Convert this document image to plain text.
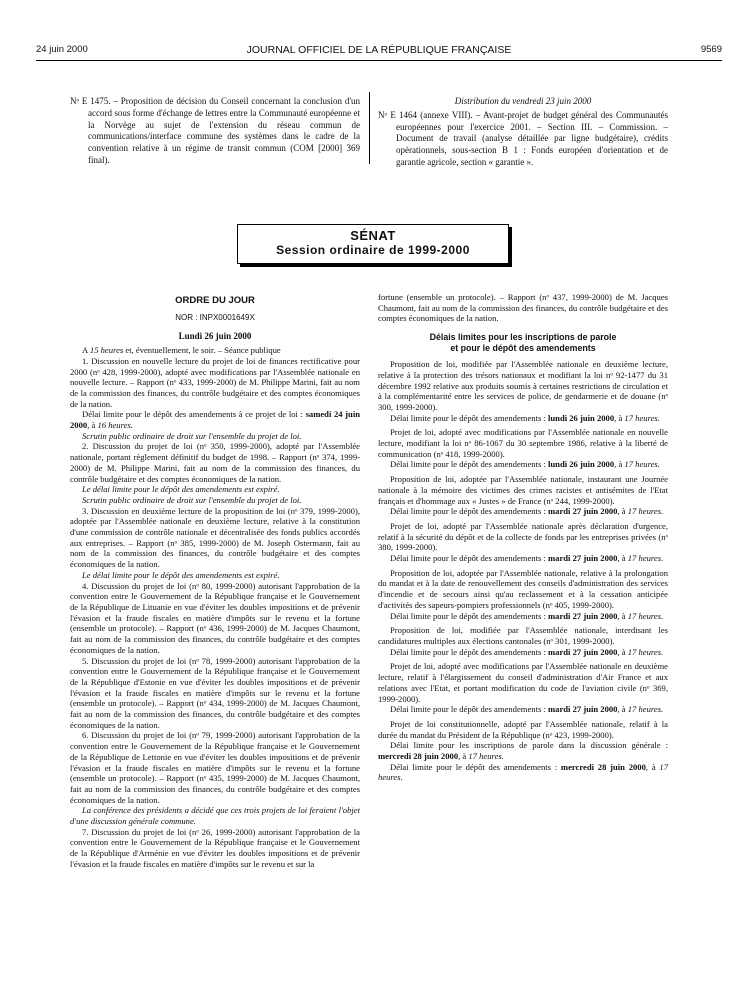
24 juin 2000	JOURNAL OFFICIEL DE LA RÉPUBLIQUE FRANÇAISE	9569

Nᵒ E 1475. – Proposition de décision du Conseil concernant la conclusion d'un accord sous forme d'échange de lettres entre la Communauté européenne et la Norvège au sujet de l'extension du réseau commun de communications/interface commune des systèmes dans le cadre de la convention relative à un régime de transit commun (COM [2000] 369 final).

Distribution du vendredi 23 juin 2000

Nᵒ E 1464 (annexe VIII). – Avant-projet de budget général des Communautés européennes pour l'exercice 2001. – Section III. – Commission. – Document de travail (analyse détaillée par ligne budgétaire), crédits opérationnels, sous-section B 1 : Fonds européen d'orientation et de garantie agricole, section « garantie ».

SÉNAT
Session ordinaire de 1999-2000

ORDRE DU JOUR

NOR : INPX0001649X

Lundi 26 juin 2000

A 15 heures et, éventuellement, le soir. – Séance publique

1. Discussion en nouvelle lecture du projet de loi de finances rectificative pour 2000 (nᵒ 428, 1999-2000), adopté avec modifications par l'Assemblée nationale en nouvelle lecture. – Rapport (nᵒ 433, 1999-2000) de M. Philippe Marini, fait au nom de la commission des finances, du contrôle budgétaire et des comptes économiques de la nation.

Délai limite pour le dépôt des amendements à ce projet de loi : samedi 24 juin 2000, à 16 heures.

Scrutin public ordinaire de droit sur l'ensemble du projet de loi.

2. Discussion du projet de loi (nᵒ 350, 1999-2000), adopté par l'Assemblée nationale, portant règlement définitif du budget de 1998. – Rapport (nᵒ 374, 1999-2000) de M. Philippe Marini, fait au nom de la commission des finances, du contrôle budgétaire et des comptes économiques de la nation.

Le délai limite pour le dépôt des amendements est expiré.

Scrutin public ordinaire de droit sur l'ensemble du projet de loi.

3. Discussion en deuxième lecture de la proposition de loi (nᵒ 379, 1999-2000), adoptée par l'Assemblée nationale en deuxième lecture, relative à la constitution d'une commission de contrôle nationale et décentralisée des fonds publics accordés aux entreprises. – Rapport (nᵒ 385, 1999-2000) de M. Joseph Ostermann, fait au nom de la commission des finances, du contrôle budgétaire et des comptes économiques de la nation.

Le délai limite pour le dépôt des amendements est expiré.

4. Discussion du projet de loi (nᵒ 80, 1999-2000) autorisant l'approbation de la convention entre le Gouvernement de la République française et le Gouvernement de la République de Lituanie en vue d'éviter les doubles impositions et de prévenir l'évasion et la fraude fiscales en matière d'impôts sur le revenu et la fortune (ensemble un protocole). – Rapport (nᵒ 436, 1999-2000) de M. Jacques Chaumont, fait au nom de la commission des finances, du contrôle budgétaire et des comptes économiques de la nation.

5. Discussion du projet de loi (nᵒ 78, 1999-2000) autorisant l'approbation de la convention entre le Gouvernement de la République française et le Gouvernement de la République d'Estonie en vue d'éviter les doubles impositions et de prévenir l'évasion et la fraude fiscales en matière d'impôts sur le revenu et la fortune (ensemble un protocole). – Rapport (nᵒ 434, 1999-2000) de M. Jacques Chaumont, fait au nom de la commission des finances, du contrôle budgétaire et des comptes économiques de la nation.

6. Discussion du projet de loi (nᵒ 79, 1999-2000) autorisant l'approbation de la convention entre le Gouvernement de la République française et le Gouvernement de la République de Lettonie en vue d'éviter les doubles impositions et de prévenir l'évasion et la fraude fiscales en matière d'impôts sur le revenu et la fortune (ensemble un protocole). – Rapport (nᵒ 435, 1999-2000) de M. Jacques Chaumont, fait au nom de la commission des finances, du contrôle budgétaire et des comptes économiques de la nation.

La conférence des présidents a décidé que ces trois projets de loi feraient l'objet d'une discussion générale commune.

7. Discussion du projet de loi (nᵒ 26, 1999-2000) autorisant l'approbation de la convention entre le Gouvernement de la République française et le Gouvernement de la République d'Arménie en vue d'éviter les doubles impositions et de prévenir l'évasion et la fraude fiscales en matière d'impôts sur le revenu et sur la

fortune (ensemble un protocole). – Rapport (nᵒ 437, 1999-2000) de M. Jacques Chaumont, fait au nom de la commission des finances, du contrôle budgétaire et des comptes économiques de la nation.

Délais limites pour les inscriptions de parole
et pour le dépôt des amendements

Proposition de loi, modifiée par l'Assemblée nationale en deuxième lecture, relative à la protection des trésors nationaux et modifiant la loi nᵒ 92-1477 du 31 décembre 1992 relative aux produits soumis à certaines restrictions de circulation et à la complémentarité entre les services de police, de gendarmerie et de douane (nᵒ 300, 1999-2000).

Délai limite pour le dépôt des amendements : lundi 26 juin 2000, à 17 heures.

Projet de loi, adopté avec modifications par l'Assemblée nationale en nouvelle lecture, modifiant la loi nᵒ 86-1067 du 30 septembre 1986, relative à la liberté de communication (nᵒ 418, 1999-2000).

Délai limite pour le dépôt des amendements : lundi 26 juin 2000, à 17 heures.

Proposition de loi, adoptée par l'Assemblée nationale, instaurant une Journée nationale à la mémoire des victimes des crimes racistes et antisémites de l'Etat français et d'hommage aux « Justes » de France (nᵒ 244, 1999-2000).

Délai limite pour le dépôt des amendements : mardi 27 juin 2000, à 17 heures.

Projet de loi, adopté par l'Assemblée nationale après déclaration d'urgence, relatif à la sécurité du dépôt et de la collecte de fonds par les entreprises privées (nᵒ 380, 1999-2000).

Délai limite pour le dépôt des amendements : mardi 27 juin 2000, à 17 heures.

Proposition de loi, adoptée par l'Assemblée nationale, relative à la prolongation du mandat et à la date de renouvellement des conseils d'administration des services d'incendie et de secours ainsi qu'au reclassement et à la cessation anticipée d'activités des sapeurs-pompiers professionnels (nᵒ 405, 1999-2000).

Délai limite pour le dépôt des amendements : mardi 27 juin 2000, à 17 heures.

Proposition de loi, modifiée par l'Assemblée nationale, interdisant les candidatures multiples aux élections cantonales (nᵒ 301, 1999-2000).

Délai limite pour le dépôt des amendements : mardi 27 juin 2000, à 17 heures.

Projet de loi, adopté avec modifications par l'Assemblée nationale en deuxième lecture, relatif à l'élargissement du conseil d'administration d'Air France et aux relations avec l'Etat, et portant modification du code de l'aviation civile (nᵒ 369, 1999-2000).

Délai limite pour le dépôt des amendements : mardi 27 juin 2000, à 17 heures.

Projet de loi constitutionnelle, adopté par l'Assemblée nationale, relatif à la durée du mandat du Président de la République (nᵒ 423, 1999-2000).

Délai limite pour les inscriptions de parole dans la discussion générale : mercredi 28 juin 2000, à 17 heures.

Délai limite pour le dépôt des amendements : mercredi 28 juin 2000, à 17 heures.
